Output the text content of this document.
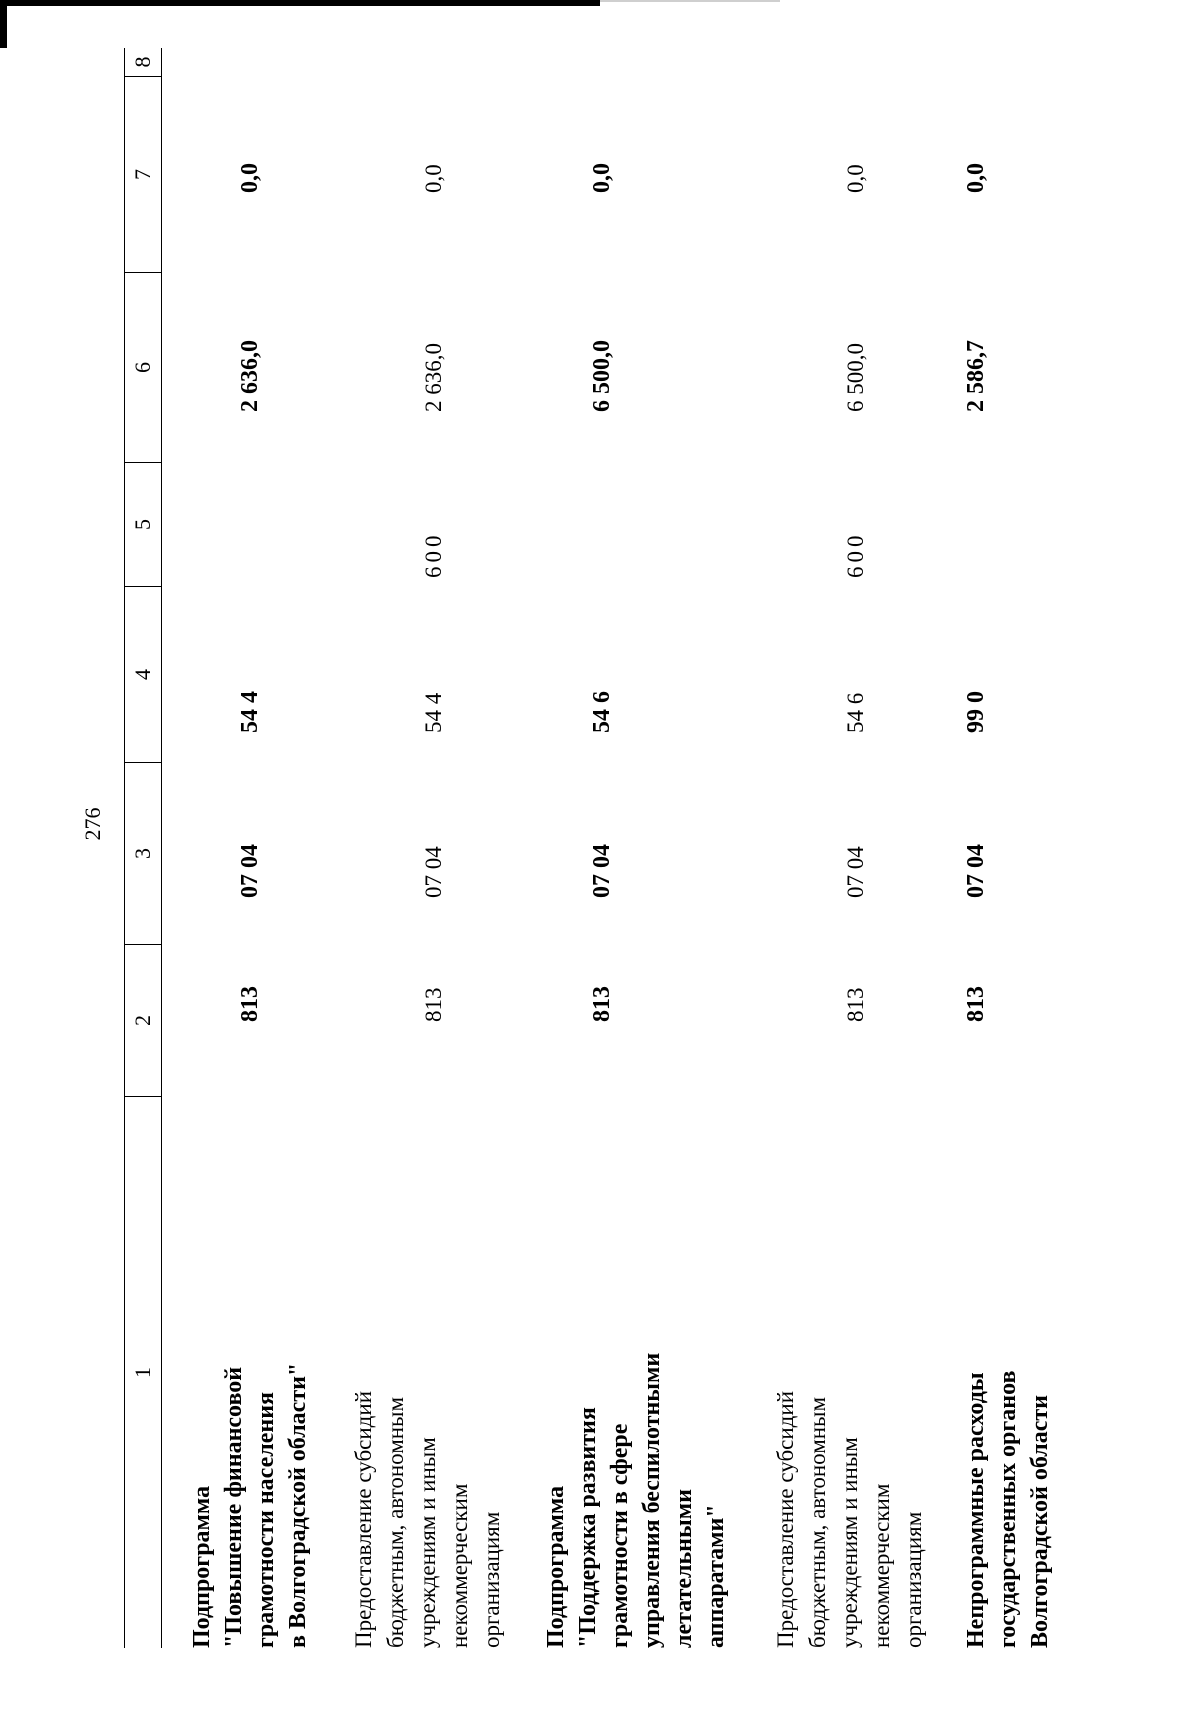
276
1
2
3
4
5
6
7
8
Подпрограмма "Повышение финансовой грамотности населения в Волгоградской области"
813
07 04
54 4
2 636,0
0,0
Предоставление субсидий бюджетным, автономным учреждениям и иным некоммерческим организациям
813
07 04
54 4
600
2 636,0
0,0
Подпрограмма "Поддержка развития грамотности в сфере управления беспилотными летательными аппаратами"
813
07 04
54 6
6 500,0
0,0
Предоставление субсидий бюджетным, автономным учреждениям и иным некоммерческим организациям
813
07 04
54 6
600
6 500,0
0,0
Непрограммные расходы государственных органов Волгоградской области
813
07 04
99 0
2 586,7
0,0
